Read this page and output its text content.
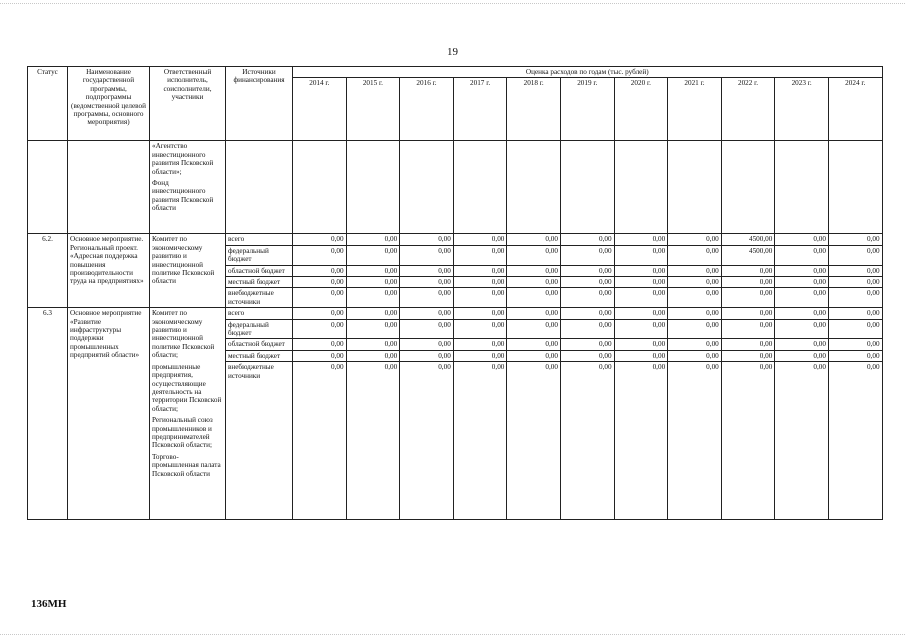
19
Статус	Наименование государственной программы, подпрограммы (ведомственной целевой программы, основного мероприятия)	Ответственный исполнитель, соисполнители, участники	Источники финансирования	Оценка расходов по годам (тыс. рублей)										
				2014 г.	2015 г.	2016 г.	2017 г.	2018 г.	2019 г.	2020 г.	2021 г.	2022 г.	2023 г.	2024 г.

		«Агентство инвестиционного развития Псковской области»;

Фонд инвестиционного развития Псковской области												

6.2.	Основное мероприятие. Региональный проект. «Адресная поддержка повышения производительности труда на предприятиях»	Комитет по экономическому развитию и инвестиционной политике Псковской области	всего	0,00	0,00	0,00	0,00	0,00	0,00	0,00	0,00	4500,00	0,00	0,00
			федеральный бюджет	0,00	0,00	0,00	0,00	0,00	0,00	0,00	0,00	4500,00	0,00	0,00
			областной бюджет	0,00	0,00	0,00	0,00	0,00	0,00	0,00	0,00	0,00	0,00	0,00
			местный бюджет	0,00	0,00	0,00	0,00	0,00	0,00	0,00	0,00	0,00	0,00	0,00
			внебюджетные источники	0,00	0,00	0,00	0,00	0,00	0,00	0,00	0,00	0,00	0,00	0,00
6.3	Основное мероприятие «Развитие инфраструктуры поддержки промышленных предприятий области»	Комитет по экономическому развитию и инвестиционной политике Псковской области;

промышленные предприятия, осуществляющие деятельность на территории Псковской области;

Региональный союз промышленников и предпринимателей Псковской области;

Торгово-промышленная палата Псковской области	всего	0,00	0,00	0,00	0,00	0,00	0,00	0,00	0,00	0,00	0,00	0,00
			федеральный бюджет	0,00	0,00	0,00	0,00	0,00	0,00	0,00	0,00	0,00	0,00	0,00
			областной бюджет	0,00	0,00	0,00	0,00	0,00	0,00	0,00	0,00	0,00	0,00	0,00
			местный бюджет	0,00	0,00	0,00	0,00	0,00	0,00	0,00	0,00	0,00	0,00	0,00
			внебюджетные источники	0,00	0,00	0,00	0,00	0,00	0,00	0,00	0,00	0,00	0,00	0,00
136МН
